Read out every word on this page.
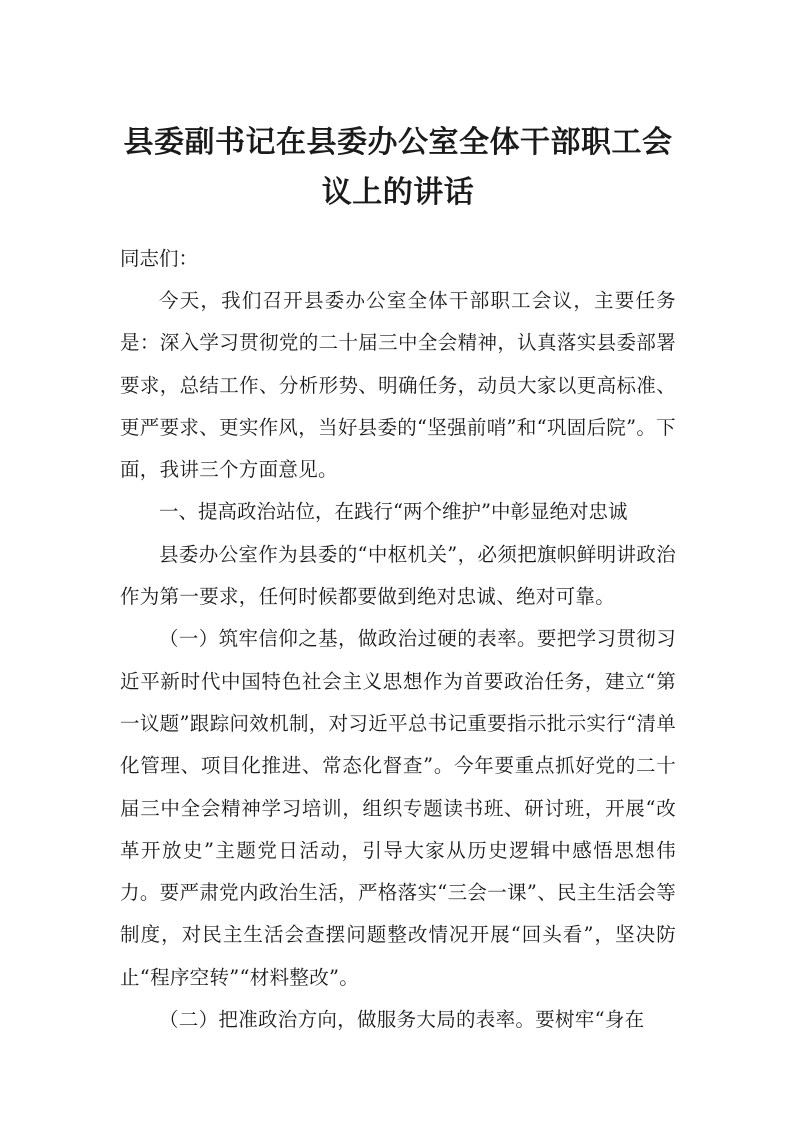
县委副书记在县委办公室全体干部职工会
议上的讲话

同志们：

今天，我们召开县委办公室全体干部职工会议，主要任务是：深入学习贯彻党的二十届三中全会精神，认真落实县委部署要求，总结工作、分析形势、明确任务，动员大家以更高标准、更严要求、更实作风，当好县委的“坚强前哨”和“巩固后院”。下面，我讲三个方面意见。

一、提高政治站位，在践行“两个维护”中彰显绝对忠诚

县委办公室作为县委的“中枢机关”，必须把旗帜鲜明讲政治作为第一要求，任何时候都要做到绝对忠诚、绝对可靠。

（一）筑牢信仰之基，做政治过硬的表率。要把学习贯彻习近平新时代中国特色社会主义思想作为首要政治任务，建立“第一议题”跟踪问效机制，对习近平总书记重要指示批示实行“清单化管理、项目化推进、常态化督查”。今年要重点抓好党的二十届三中全会精神学习培训，组织专题读书班、研讨班，开展“改革开放史”主题党日活动，引导大家从历史逻辑中感悟思想伟力。要严肃党内政治生活，严格落实“三会一课”、民主生活会等制度，对民主生活会查摆问题整改情况开展“回头看”，坚决防止“程序空转”“材料整改”。

（二）把准政治方向，做服务大局的表率。要树牢“身在
